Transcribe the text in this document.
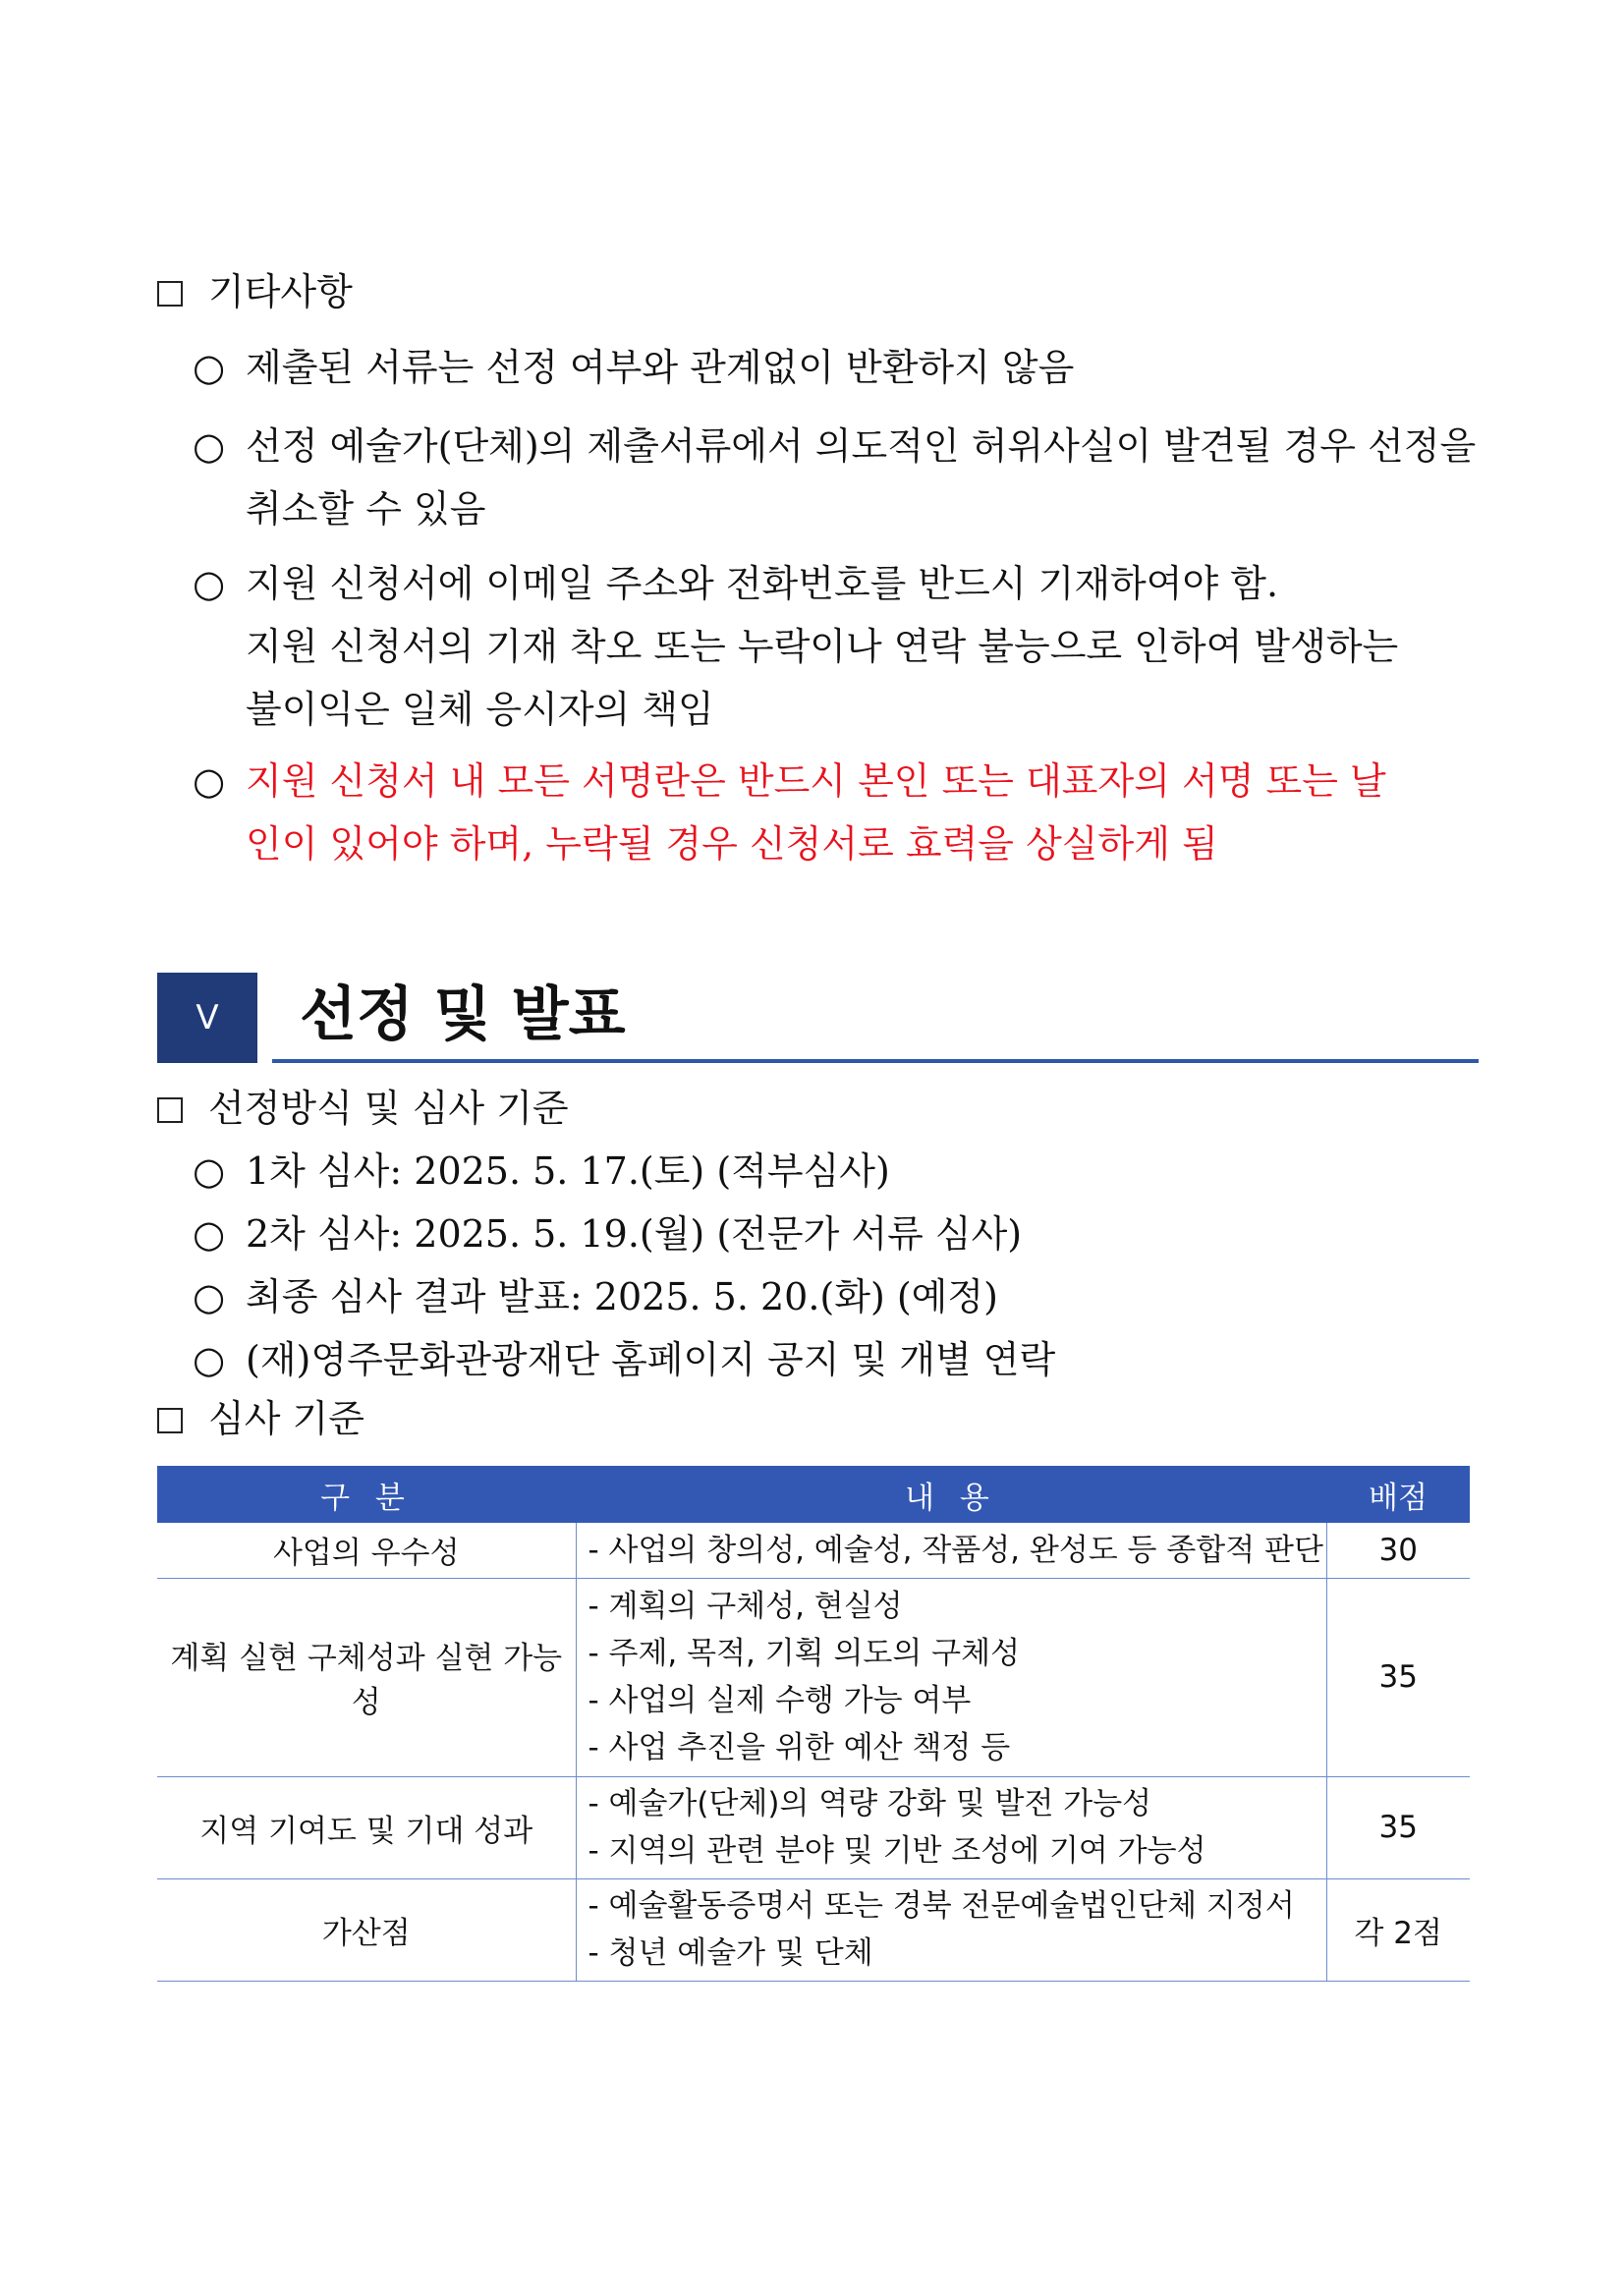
기타사항
○ 제출된 서류는 선정 여부와 관계없이 반환하지 않음
○ 선정 예술가(단체)의 제출서류에서 의도적인 허위사실이 발견될 경우 선정을
취소할 수 있음
○ 지원 신청서에 이메일 주소와 전화번호를 반드시 기재하여야 함.
지원 신청서의 기재 착오 또는 누락이나 연락 불능으로 인하여 발생하는
불이익은 일체 응시자의 책임
○ 지원 신청서 내 모든 서명란은 반드시 본인 또는 대표자의 서명 또는 날
인이 있어야 하며, 누락될 경우 신청서로 효력을 상실하게 됨
V	선정 및 발표
선정방식 및 심사 기준
○ 1차 심사: 2025. 5. 17.(토) (적부심사)
○ 2차 심사: 2025. 5. 19.(월) (전문가 서류 심사)
○ 최종 심사 결과 발표: 2025. 5. 20.(화) (예정)
○ (재)영주문화관광재단 홈페이지 공지 및 개별 연락
심사 기준
구 분	내 용	배점
사업의 우수성	- 사업의 창의성, 예술성, 작품성, 완성도 등 종합적 판단	30
계획 실현 구체성과 실현 가능성	- 계획의 구체성, 현실성
- 주제, 목적, 기획 의도의 구체성
- 사업의 실제 수행 가능 여부
- 사업 추진을 위한 예산 책정 등	35
지역 기여도 및 기대 성과	- 예술가(단체)의 역량 강화 및 발전 가능성
- 지역의 관련 분야 및 기반 조성에 기여 가능성	35
가산점	- 예술활동증명서 또는 경북 전문예술법인단체 지정서
- 청년 예술가 및 단체	각 2점
